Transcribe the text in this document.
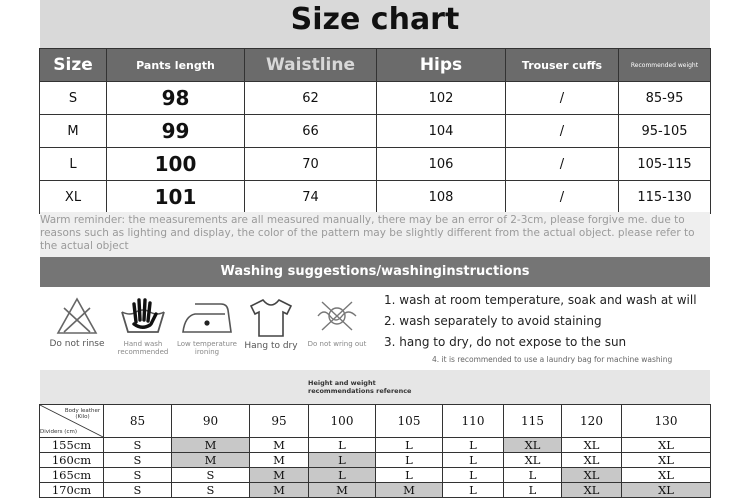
Size chart
Size	Pants length	Waistline	Hips	Trouser cuffs	Recommended weight
S	98	62	102	/	85-95
M	99	66	104	/	95-105
L	100	70	106	/	105-115
XL	101	74	108	/	115-130
Warm reminder: the measurements are all measured manually, there may be an error of 2-3cm, please forgive me. due to reasons such as lighting and display, the color of the pattern may be slightly different from the actual object. please refer to the actual object
Washing suggestions/washinginstructions
Do not rinse	Hand wash recommended
Low temperature ironing
Hang to dry	Do not wring out
1. wash at room temperature, soak and wash at will
2. wash separately to avoid staining
3. hang to dry, do not expose to the sun
4. it is recommended to use a laundry bag for machine washing
Height and weight recommendations reference
Body leather (Kilo)
Dividers (cm)	85	90	95	100	105	110	115	120	130
155cm	S	M	M	L	L	L	XL	XL	XL
160cm	S	M	M	L	L	L	XL	XL	XL
165cm	S	S	M	L	L	L	L	XL	XL
170cm	S	S	M	M	M	L	L	XL	XL
